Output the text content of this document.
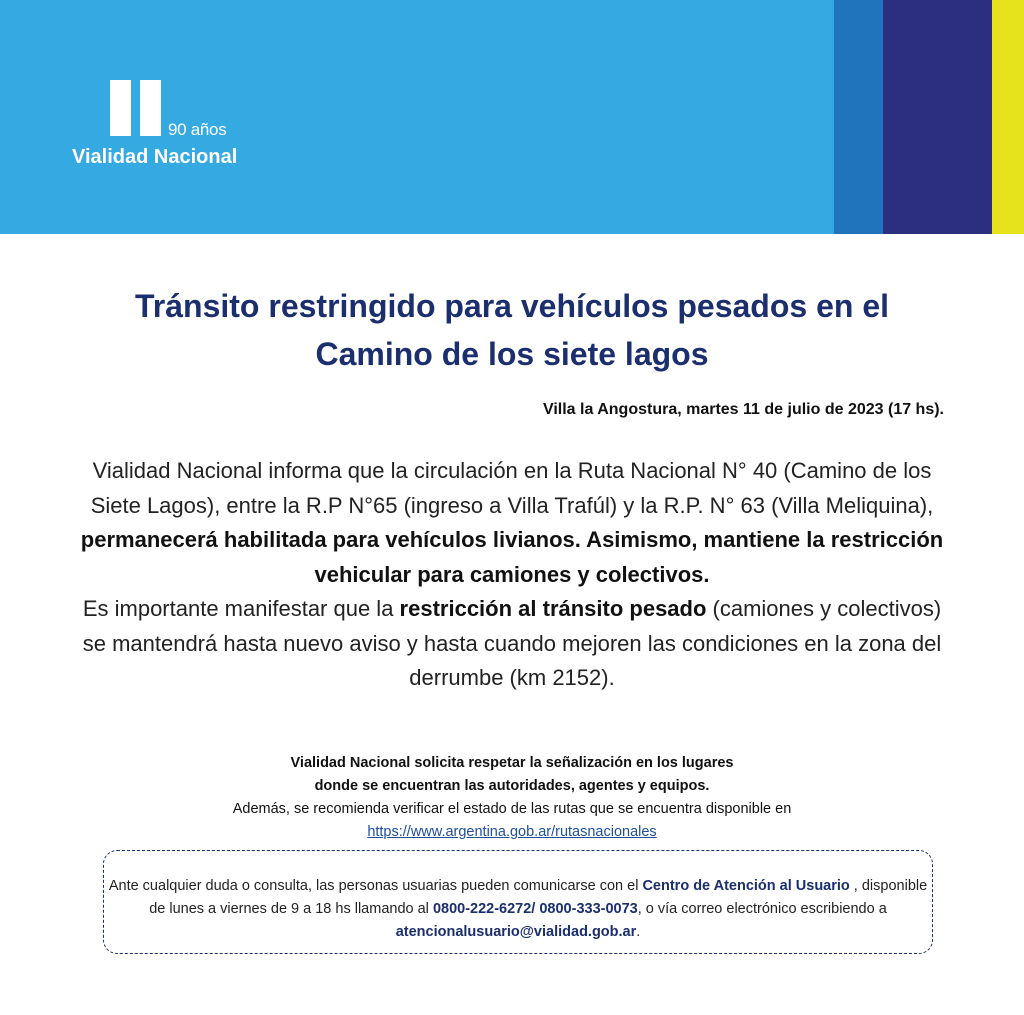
90 años
Vialidad Nacional
Tránsito restringido para vehículos pesados en el
Camino de los siete lagos
Villa la Angostura, martes 11 de julio de 2023 (17 hs).

Vialidad Nacional informa que la circulación en la Ruta Nacional N° 40 (Camino de los Siete Lagos), entre la R.P N°65 (ingreso a Villa Trafúl) y la R.P. N° 63 (Villa Meliquina), permanecerá habilitada para vehículos livianos. Asimismo, mantiene la restricción vehicular para camiones y colectivos.

Es importante manifestar que la restricción al tránsito pesado (camiones y colectivos) se mantendrá hasta nuevo aviso y hasta cuando mejoren las condiciones en la zona del derrumbe (km 2152).

Vialidad Nacional solicita respetar la señalización en los lugares
donde se encuentran las autoridades, agentes y equipos.
Además, se recomienda verificar el estado de las rutas que se encuentra disponible en
https://www.argentina.gob.ar/rutasnacionales
Ante cualquier duda o consulta, las personas usuarias pueden comunicarse con el Centro de Atención al Usuario , disponible de lunes a viernes de 9 a 18 hs llamando al 0800-222-6272/ 0800-333-0073, o vía correo electrónico escribiendo a atencionalusuario@vialidad.gob.ar.
